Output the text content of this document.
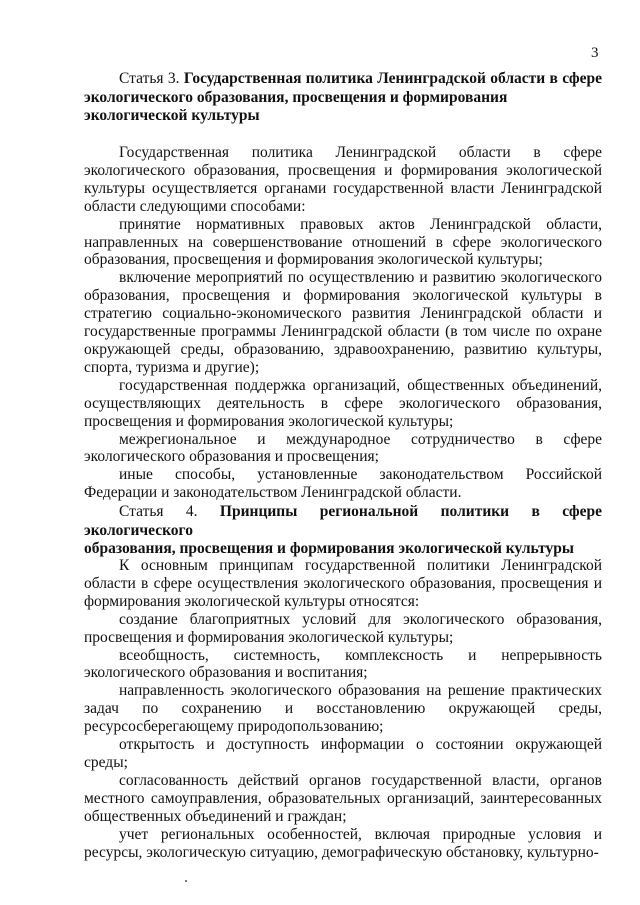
3
Статья 3. Государственная политика Ленинградской области в сфере
экологического образования, просвещения и формирования экологической культуры

Государственная политика Ленинградской области в сфере экологического образования, просвещения и формирования экологической культуры осуществляется органами государственной власти Ленинградской области следующими способами:

принятие нормативных правовых актов Ленинградской области, направленных на совершенствование отношений в сфере экологического образования, просвещения и формирования экологической культуры;

включение мероприятий по осуществлению и развитию экологического образования, просвещения и формирования экологической культуры в стратегию социально-экономического развития Ленинградской области и государственные программы Ленинградской области (в том числе по охране окружающей среды, образованию, здравоохранению, развитию культуры, спорта, туризма и другие);

государственная поддержка организаций, общественных объединений, осуществляющих деятельность в сфере экологического образования, просвещения и формирования экологической культуры;

межрегиональное и международное сотрудничество в сфере экологического образования и просвещения;

иные способы, установленные законодательством Российской Федерации и законодательством Ленинградской области.

Статья 4. Принципы региональной политики в сфере экологического
образования, просвещения и формирования экологической культуры

К основным принципам государственной политики Ленинградской области в сфере осуществления экологического образования, просвещения и формирования экологической культуры относятся:

создание благоприятных условий для экологического образования, просвещения и формирования экологической культуры;

всеобщность, системность, комплексность и непрерывность экологического образования и воспитания;

направленность экологического образования на решение практических задач по сохранению и восстановлению окружающей среды, ресурсосберегающему природопользованию;

открытость и доступность информации о состоянии окружающей среды;

согласованность действий органов государственной власти, органов местного самоуправления, образовательных организаций, заинтересованных общественных объединений и граждан;

учет региональных особенностей, включая природные условия и ресурсы, экологическую ситуацию, демографическую обстановку, культурно-
